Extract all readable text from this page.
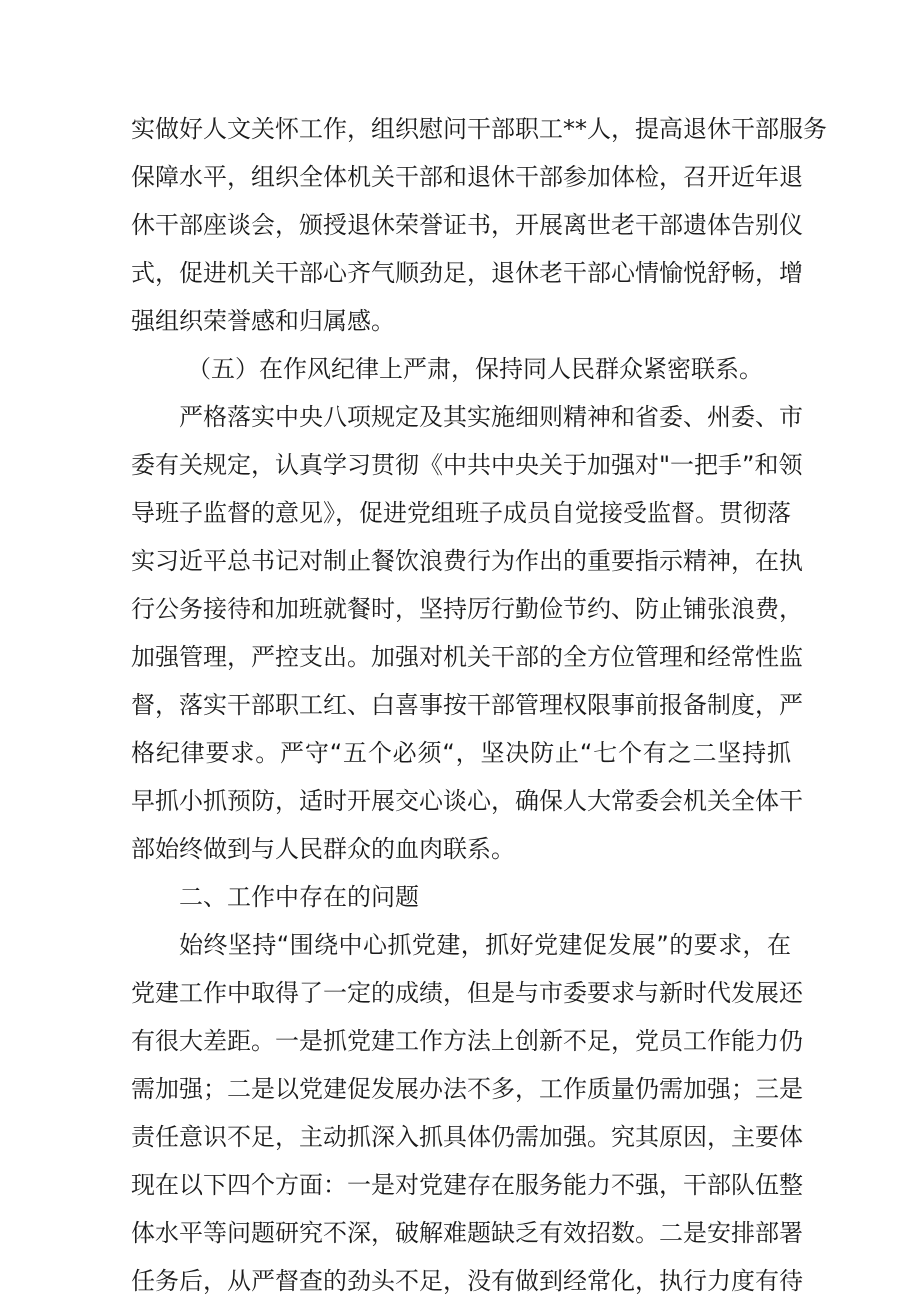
实做好人文关怀工作，组织慰问干部职工**人，提高退休干部服务
保障水平，组织全体机关干部和退休干部参加体检，召开近年退
休干部座谈会，颁授退休荣誉证书，开展离世老干部遗体告别仪
式，促进机关干部心齐气顺劲足，退休老干部心情愉悦舒畅，增
强组织荣誉感和归属感。
（五）在作风纪律上严肃，保持同人民群众紧密联系。
严格落实中央八项规定及其实施细则精神和省委、州委、市
委有关规定，认真学习贯彻《中共中央关于加强对"一把手”和领
导班子监督的意见》，促进党组班子成员自觉接受监督。贯彻落
实习近平总书记对制止餐饮浪费行为作出的重要指示精神，在执
行公务接待和加班就餐时，坚持厉行勤俭节约、防止铺张浪费，
加强管理，严控支出。加强对机关干部的全方位管理和经常性监
督，落实干部职工红、白喜事按干部管理权限事前报备制度，严
格纪律要求。严守“五个必须“，坚决防止“七个有之二坚持抓
早抓小抓预防，适时开展交心谈心，确保人大常委会机关全体干
部始终做到与人民群众的血肉联系。
二、工作中存在的问题
始终坚持“围绕中心抓党建，抓好党建促发展”的要求，在
党建工作中取得了一定的成绩，但是与市委要求与新时代发展还
有很大差距。一是抓党建工作方法上创新不足，党员工作能力仍
需加强；二是以党建促发展办法不多，工作质量仍需加强；三是
责任意识不足，主动抓深入抓具体仍需加强。究其原因，主要体
现在以下四个方面：一是对党建存在服务能力不强，干部队伍整
体水平等问题研究不深，破解难题缺乏有效招数。二是安排部署
任务后，从严督查的劲头不足，没有做到经常化，执行力度有待
